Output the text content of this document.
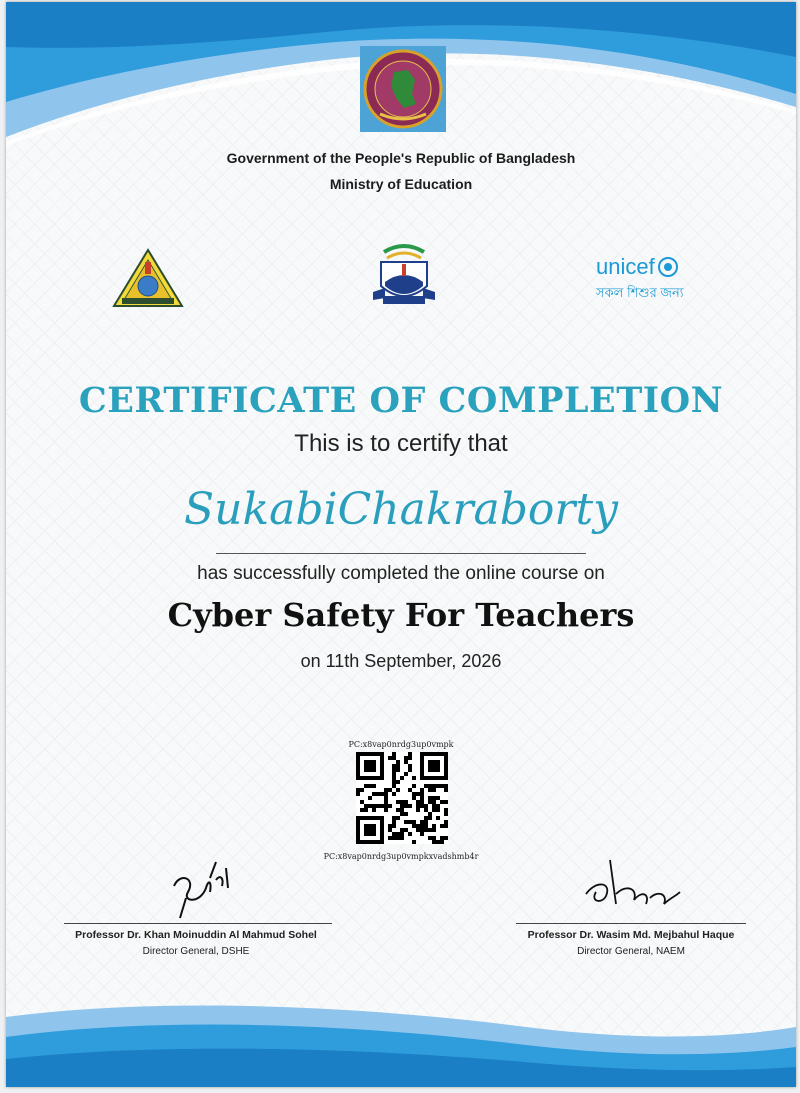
Government of the People's Republic of Bangladesh
Ministry of Education
unicef
সকল শিশুর জন্য
CERTIFICATE OF COMPLETION
This is to certify that
SukabiChakraborty
has successfully completed the online course on
Cyber Safety For Teachers
on 11th September, 2026
PC:x8vap0nrdg3up0vmpk
PC:x8vap0nrdg3up0vmpkxvadshmb4r
Professor Dr. Khan Moinuddin Al Mahmud Sohel
Director General, DSHE
Professor Dr. Wasim Md. Mejbahul Haque
Director General, NAEM
